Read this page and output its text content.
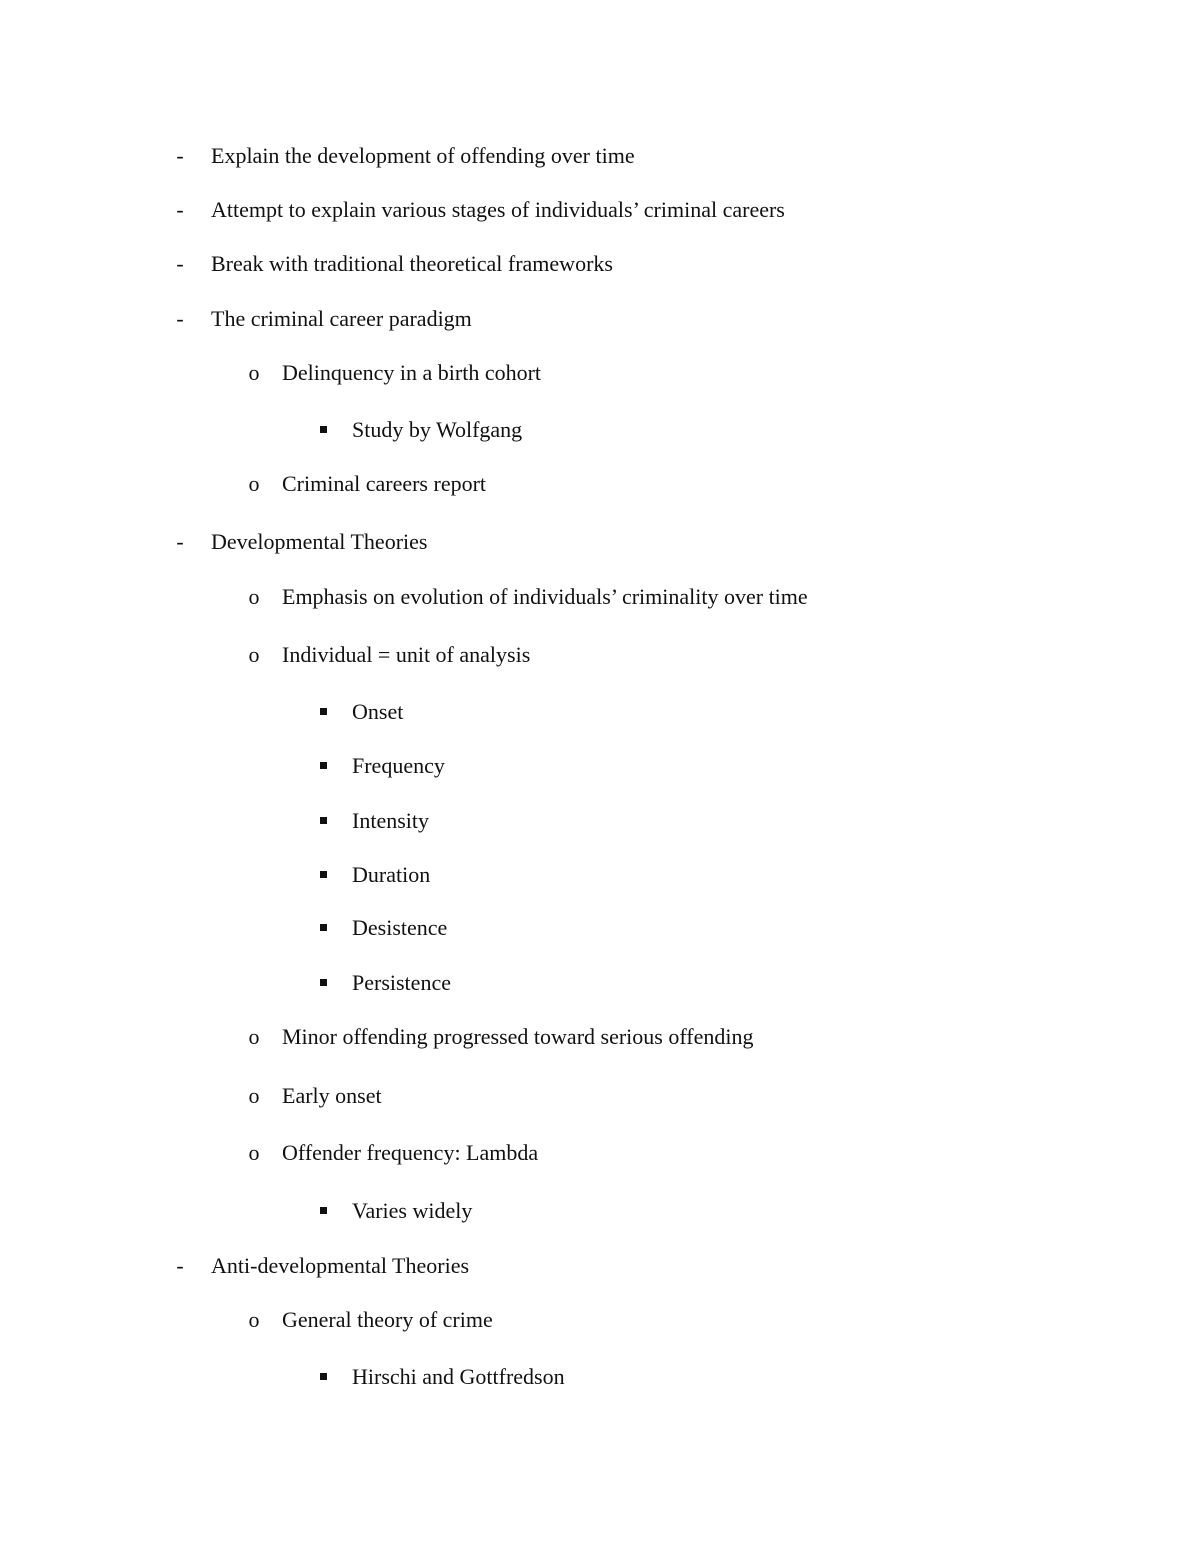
- Explain the development of offending over time
- Attempt to explain various stages of individuals’ criminal careers
- Break with traditional theoretical frameworks
- The criminal career paradigm
o Delinquency in a birth cohort
Study by Wolfgang
o Criminal careers report
- Developmental Theories
o Emphasis on evolution of individuals’ criminality over time
o Individual = unit of analysis
Onset
Frequency
Intensity
Duration
Desistence
Persistence
o Minor offending progressed toward serious offending
o Early onset
o Offender frequency: Lambda
Varies widely
- Anti-developmental Theories
o General theory of crime
Hirschi and Gottfredson
